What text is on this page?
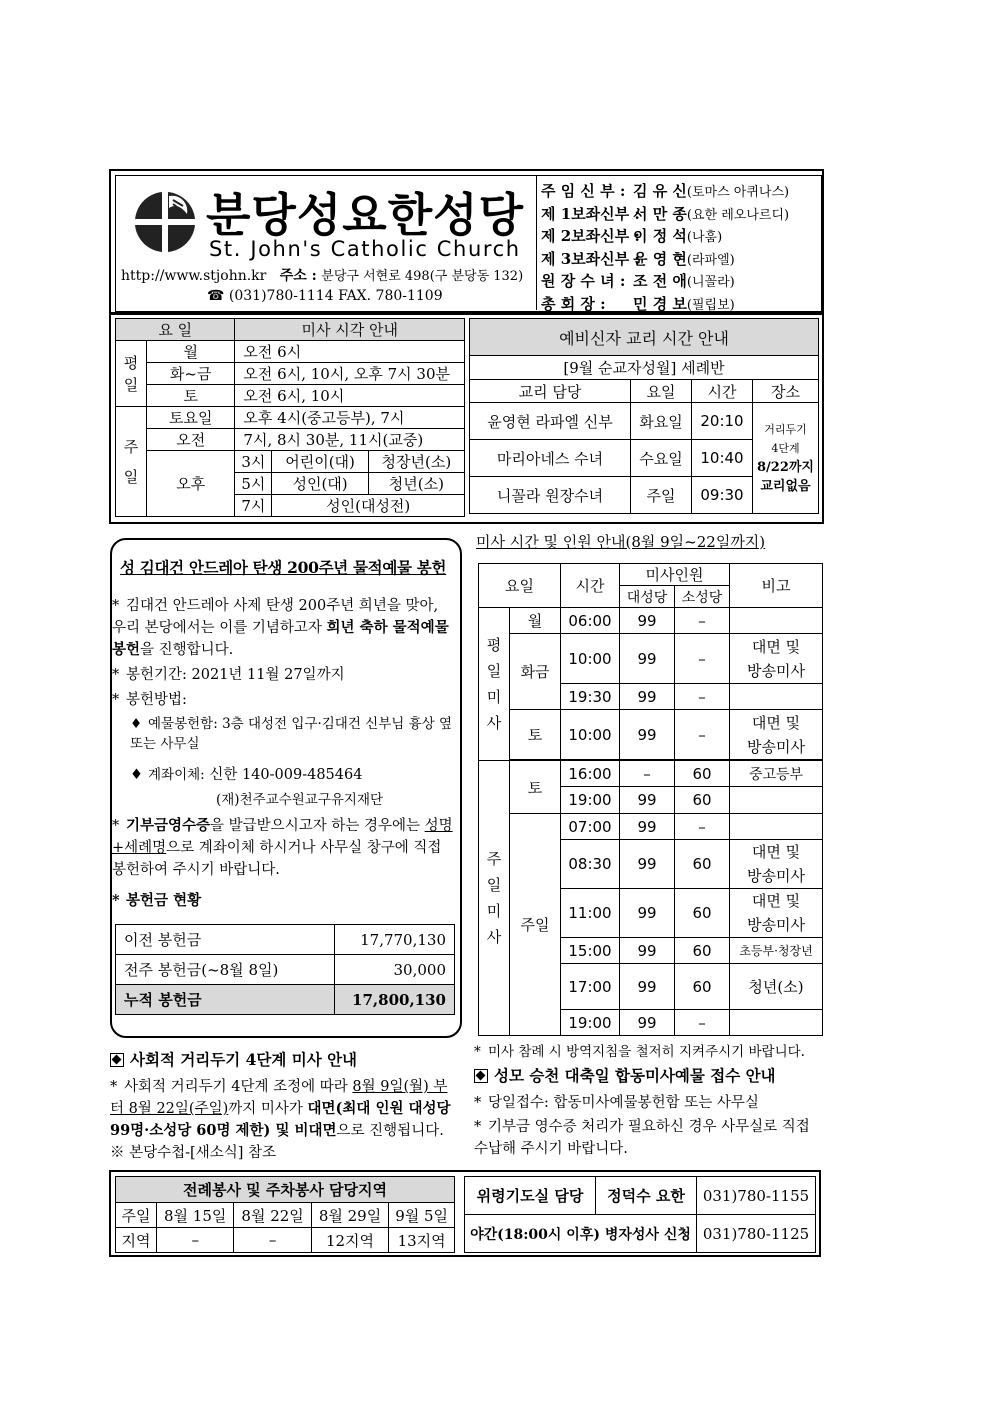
분당성요한성당
St. John's Catholic Church
http://www.stjohn.kr 주소 : 분당구 서현로 498(구 분당동 132)
☎ (031)780-1114 FAX. 780-1109
주 임 신 부 : 김 유 신(토마스 아퀴나스)
제 1보좌신부 :서 만 종(요한 레오나르디)
제 2보좌신부 :이 정 석(나훔)
제 3보좌신부 :윤 영 현(라파엘)
원 장 수 녀 : 조 전 애(니꼴라)
총 회 장 : 민 경 보(필립보)
요 일		미사 시각 안내		
평
일	월	오전 6시		
	화~금	오전 6시, 10시, 오후 7시 30분		
	토	오전 6시, 10시		
주
일	토요일	오후 4시(중고등부), 7시		
	오전	7시, 8시 30분, 11시(교중)		
	오후	3시	어린이(대)	청장년(소)
		5시	성인(대)	청년(소)
		7시	성인(대성전)	
예비신자 교리 시간 안내			
[9월 순교자성월] 세례반			
교리 담당	요일	시간	장소
윤영현 라파엘 신부	화요일	20:10	거리두기
4단계
8/22까지
교리없음

마리아네스 수녀	수요일	10:40	
니꼴라 원장수녀	주일	09:30	
성 김대건 안드레아 탄생 200주년 물적예물 봉헌
* 김대건 안드레아 사제 탄생 200주년 희년을 맞아, 우리 본당에서는 이를 기념하고자 희년 축하 물적예물 봉헌을 진행합니다.
* 봉헌기간: 2021년 11월 27일까지
* 봉헌방법:
♦ 예물봉헌함: 3층 대성전 입구·김대건 신부님 흉상 옆 또는 사무실
♦ 계좌이체: 신한 140-009-485464
(재)천주교수원교구유지재단
* 기부금영수증을 발급받으시고자 하는 경우에는 성명+세례명으로 계좌이체 하시거나 사무실 창구에 직접 봉헌하여 주시기 바랍니다.
* 봉헌금 현황
이전 봉헌금	17,770,130
전주 봉헌금(~8월 8일)	30,000
누적 봉헌금	17,800,130
미사 시간 및 인원 안내(8월 9일~22일까지)
요일		시간	미사인원		비고
			대성당	소성당	
평
일
미
사	월	06:00	99	–	
	화금	10:00	99	–	대면 및
방송미사
		19:30	99	–	
	토	10:00	99	–	대면 및
방송미사

주
일
미
사	토	16:00	–	60	중고등부
		19:00	99	60	
	주일	07:00	99	–	
		08:30	99	60	대면 및
방송미사
		11:00	99	60	대면 및
방송미사
		15:00	99	60	초등부·청장년
		17:00	99	60	청년(소)
		19:00	99	–	
* 미사 참례 시 방역지침을 철저히 지켜주시기 바랍니다.
사회적 거리두기 4단계 미사 안내
* 사회적 거리두기 4단계 조정에 따라 8월 9일(월) 부터 8월 22일(주일)까지 미사가 대면(최대 인원 대성당 99명·소성당 60명 제한) 및 비대면으로 진행됩니다. ※ 본당수첩-[새소식] 참조
성모 승천 대축일 합동미사예물 접수 안내
* 당일접수: 합동미사예물봉헌함 또는 사무실
* 기부금 영수증 처리가 필요하신 경우 사무실로 직접 수납해 주시기 바랍니다.
전례봉사 및 주차봉사 담당지역				
주일	8월 15일	8월 22일	8월 29일	9월 5일
지역	–	–	12지역	13지역
위령기도실 담당	정덕수 요한	031)780-1155
야간(18:00시 이후) 병자성사 신청		031)780-1125
